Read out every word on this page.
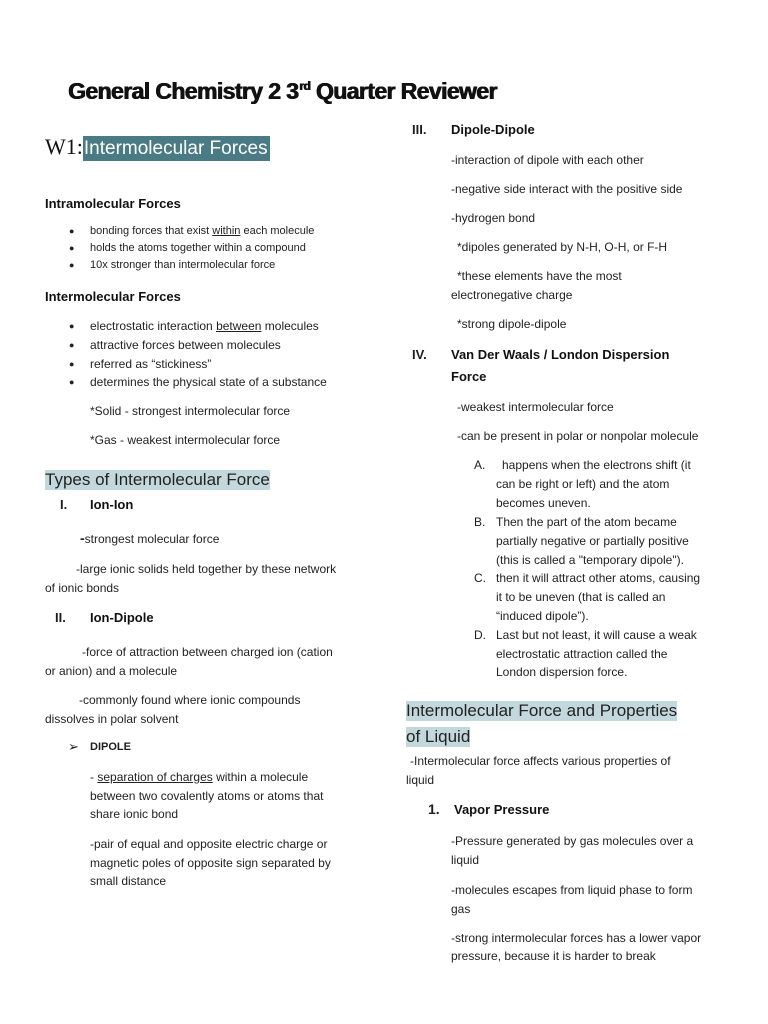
General Chemistry 2 3rd Quarter Reviewer
W1:Intermolecular Forces
Intramolecular Forces
● bonding forces that exist within each molecule
● holds the atoms together within a compound
● 10x stronger than intermolecular force
Intermolecular Forces
● electrostatic interaction between molecules
● attractive forces between molecules
● referred as “stickiness”
● determines the physical state of a substance
*Solid - strongest intermolecular force
*Gas - weakest intermolecular force
Types of Intermolecular Force
I. Ion-Ion
-strongest molecular force
-large ionic solids held together by these network
of ionic bonds
II. Ion-Dipole
-force of attraction between charged ion (cation
or anion) and a molecule
-commonly found where ionic compounds
dissolves in polar solvent
➢ DIPOLE
- separation of charges within a molecule
between two covalently atoms or atoms that
share ionic bond
-pair of equal and opposite electric charge or
magnetic poles of opposite sign separated by
small distance
III. Dipole-Dipole
-interaction of dipole with each other
-negative side interact with the positive side
-hydrogen bond
*dipoles generated by N-H, O-H, or F-H
*these elements have the most
electronegative charge
*strong dipole-dipole
IV. Van Der Waals / London Dispersion
Force
-weakest intermolecular force
-can be present in polar or nonpolar molecule
A. happens when the electrons shift (it
can be right or left) and the atom
becomes uneven.
B. Then the part of the atom became
partially negative or partially positive
(this is called a "temporary dipole").
C. then it will attract other atoms, causing
it to be uneven (that is called an
“induced dipole”).
D. Last but not least, it will cause a weak
electrostatic attraction called the
London dispersion force.
Intermolecular Force and Properties
of Liquid
-Intermolecular force affects various properties of
liquid
1. Vapor Pressure
-Pressure generated by gas molecules over a
liquid
-molecules escapes from liquid phase to form
gas
-strong intermolecular forces has a lower vapor
pressure, because it is harder to break
